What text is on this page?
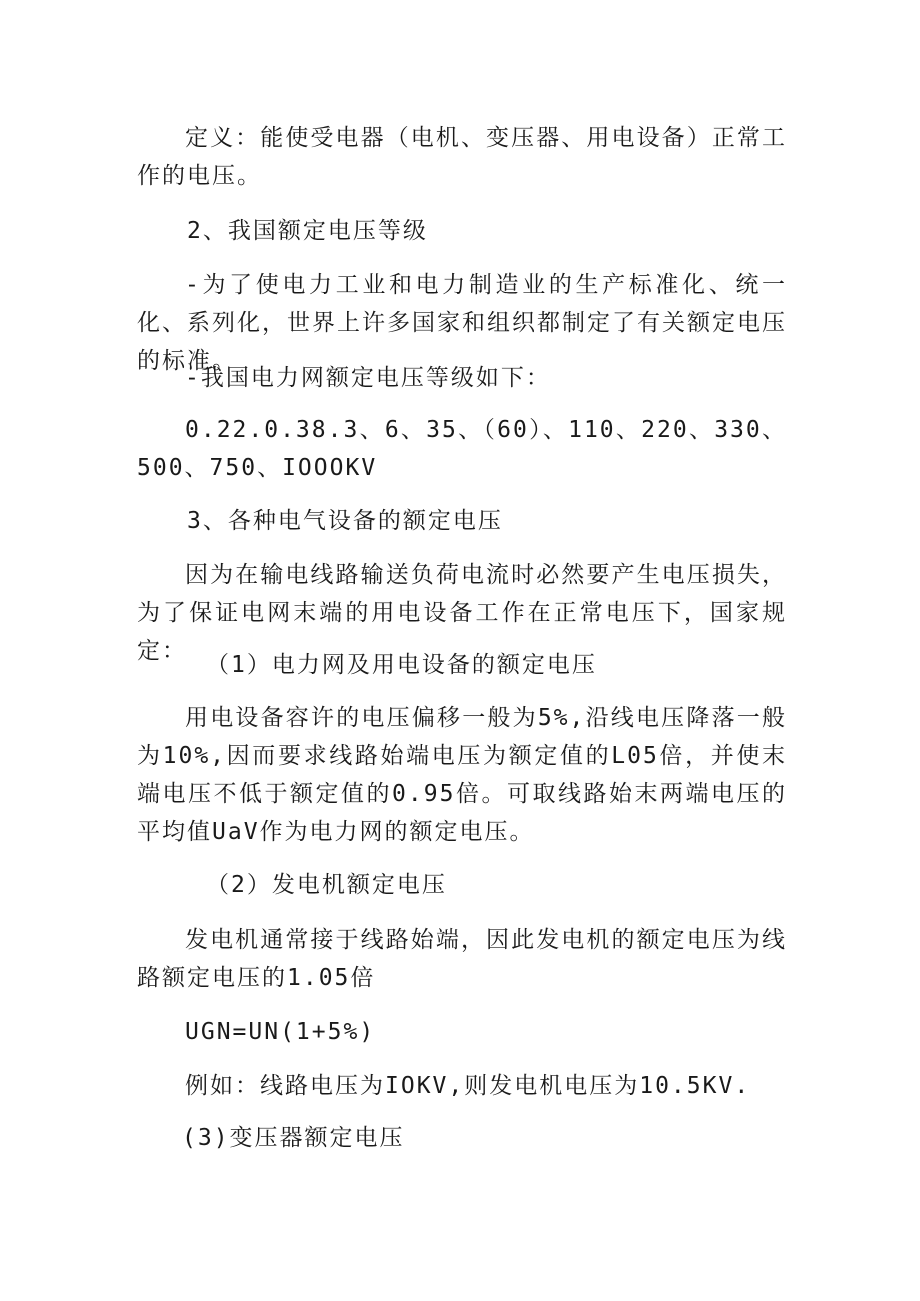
定义：能使受电器（电机、变压器、用电设备）正常工作的电压。

2、我国额定电压等级

-为了使电力工业和电力制造业的生产标准化、统一化、系列化，世界上许多国家和组织都制定了有关额定电压的标准。

-我国电力网额定电压等级如下：

0.22.0.38.3、6、35、（60）、110、220、330、500、750、IOOOKV

3、各种电气设备的额定电压

因为在输电线路输送负荷电流时必然要产生电压损失，为了保证电网末端的用电设备工作在正常电压下，国家规定：

（1）电力网及用电设备的额定电压

用电设备容许的电压偏移一般为5%,沿线电压降落一般为10%,因而要求线路始端电压为额定值的L05倍，并使末端电压不低于额定值的0.95倍。可取线路始末两端电压的平均值UaV作为电力网的额定电压。

（2）发电机额定电压

发电机通常接于线路始端，因此发电机的额定电压为线路额定电压的1.05倍

UGN=UN(1+5%)

例如：线路电压为IOKV,则发电机电压为10.5KV.

(3)变压器额定电压
